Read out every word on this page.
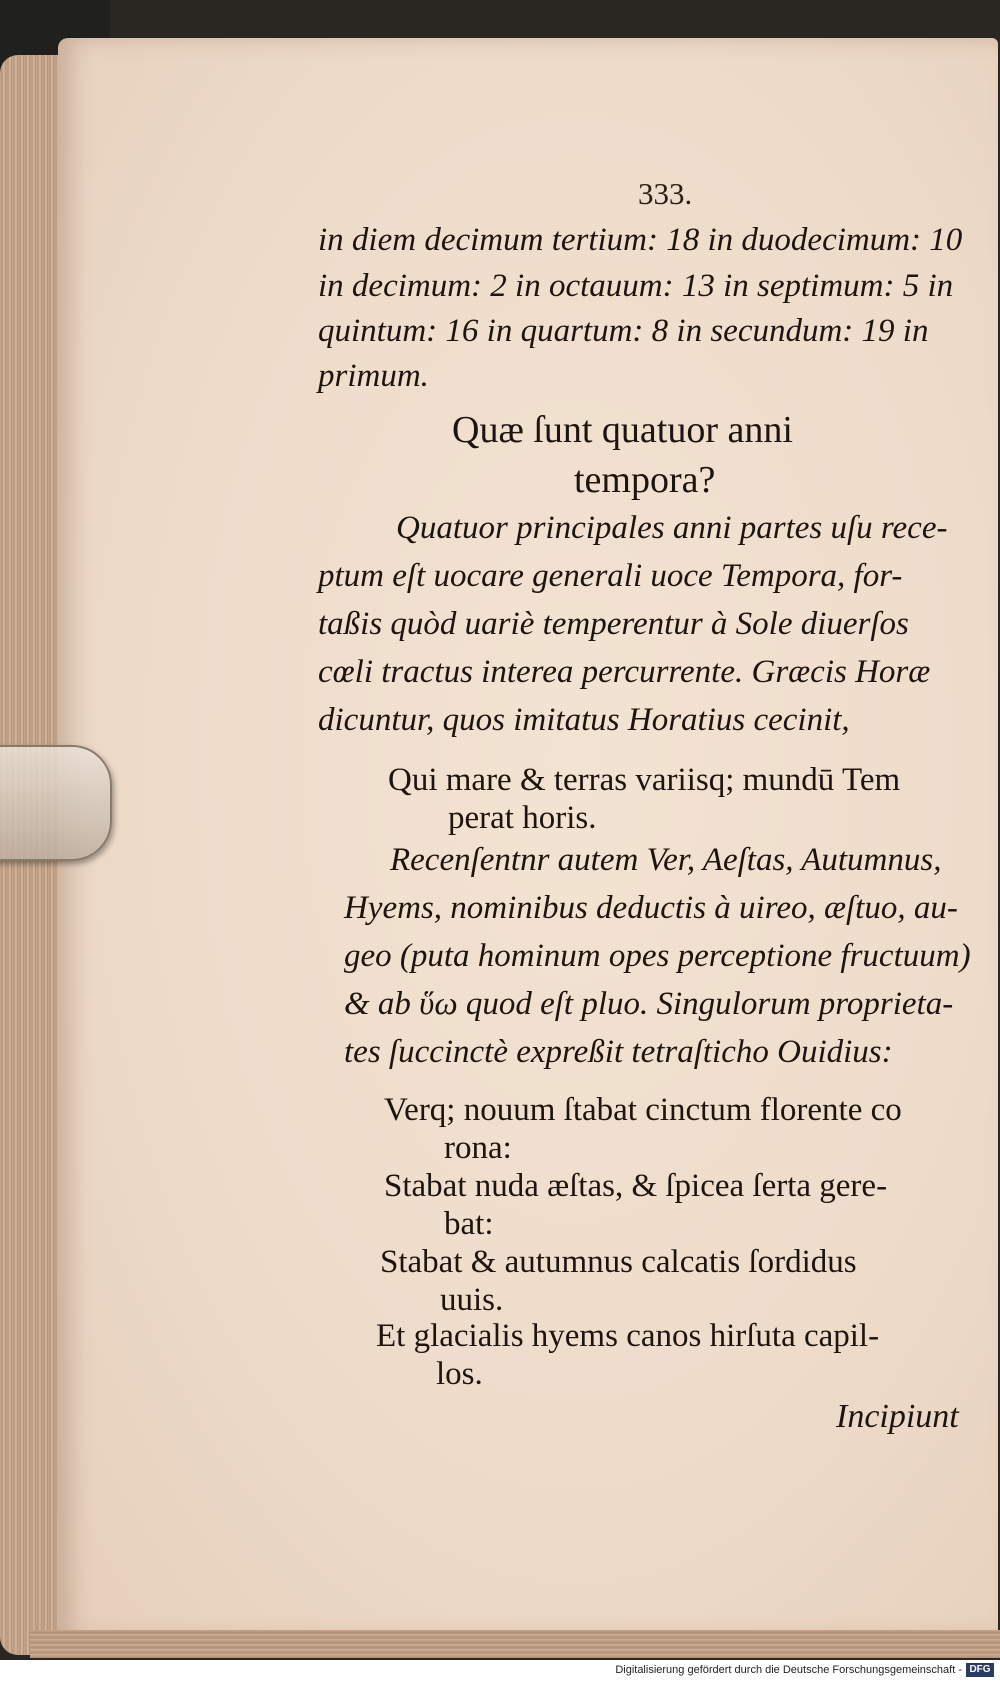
333.
in diem decimum tertium: 18 in duodecimum: 10
in decimum: 2 in octauum: 13 in septimum: 5 in
quintum: 16 in quartum: 8 in secundum: 19 in
primum.
Quæ ſunt quatuor anni
tempora?
Quatuor principales anni partes uſu rece-
ptum eſt uocare generali uoce Tempora, for-
taßis quòd uariè temperentur à Sole diuerſos
cœli tractus interea percurrente. Græcis Horæ
dicuntur, quos imitatus Horatius cecinit,
Qui mare & terras variisq; mundū Tem
perat horis.
Recenſentnr autem Ver, Aeſtas, Autumnus,
Hyems, nominibus deductis à uireo, æſtuo, au-
geo (puta hominum opes perceptione fructuum)
& ab ὕω quod eſt pluo. Singulorum proprieta-
tes ſuccinctè expreßit tetraſticho Ouidius:
Verq; nouum ſtabat cinctum florente co
rona:
Stabat nuda æſtas, & ſpicea ſerta gere-
bat:
Stabat & autumnus calcatis ſordidus
uuis.
Et glacialis hyems canos hirſuta capil-
los.
Incipiunt
Digitalisierung gefördert durch die Deutsche Forschungsgemeinschaft - DFG
